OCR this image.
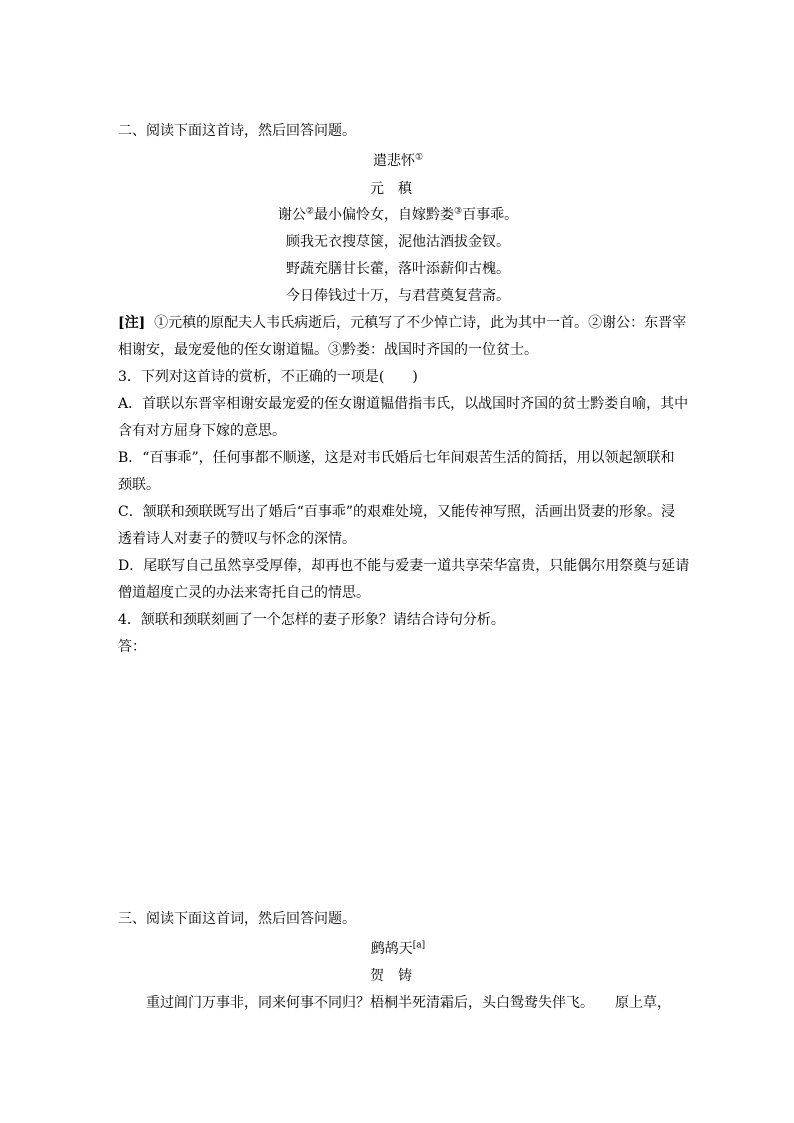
二、阅读下面这首诗，然后回答问题。
遣悲怀①
元稹
谢公②最小偏怜女，自嫁黔娄③百事乖。
顾我无衣搜荩箧，泥他沽酒拔金钗。
野蔬充膳甘长藿，落叶添薪仰古槐。
今日俸钱过十万，与君营奠复营斋。
[注] ①元稹的原配夫人韦氏病逝后，元稹写了不少悼亡诗，此为其中一首。②谢公：东晋宰
相谢安，最宠爱他的侄女谢道韫。③黔娄：战国时齐国的一位贫士。
3．下列对这首诗的赏析，不正确的一项是(　　)
A．首联以东晋宰相谢安最宠爱的侄女谢道韫借指韦氏，以战国时齐国的贫士黔娄自喻，其中
含有对方屈身下嫁的意思。
B．“百事乖”，任何事都不顺遂，这是对韦氏婚后七年间艰苦生活的简括，用以领起颔联和
颈联。
C．颔联和颈联既写出了婚后“百事乖”的艰难处境，又能传神写照，活画出贤妻的形象。浸
透着诗人对妻子的赞叹与怀念的深情。
D．尾联写自己虽然享受厚俸，却再也不能与爱妻一道共享荣华富贵，只能偶尔用祭奠与延请
僧道超度亡灵的办法来寄托自己的情思。
4．颔联和颈联刻画了一个怎样的妻子形象？请结合诗句分析。
答：
三、阅读下面这首词，然后回答问题。
鹧鸪天[a]
贺铸
重过阊门万事非，同来何事不同归？梧桐半死清霜后，头白鸳鸯失伴飞。　　原上草，
